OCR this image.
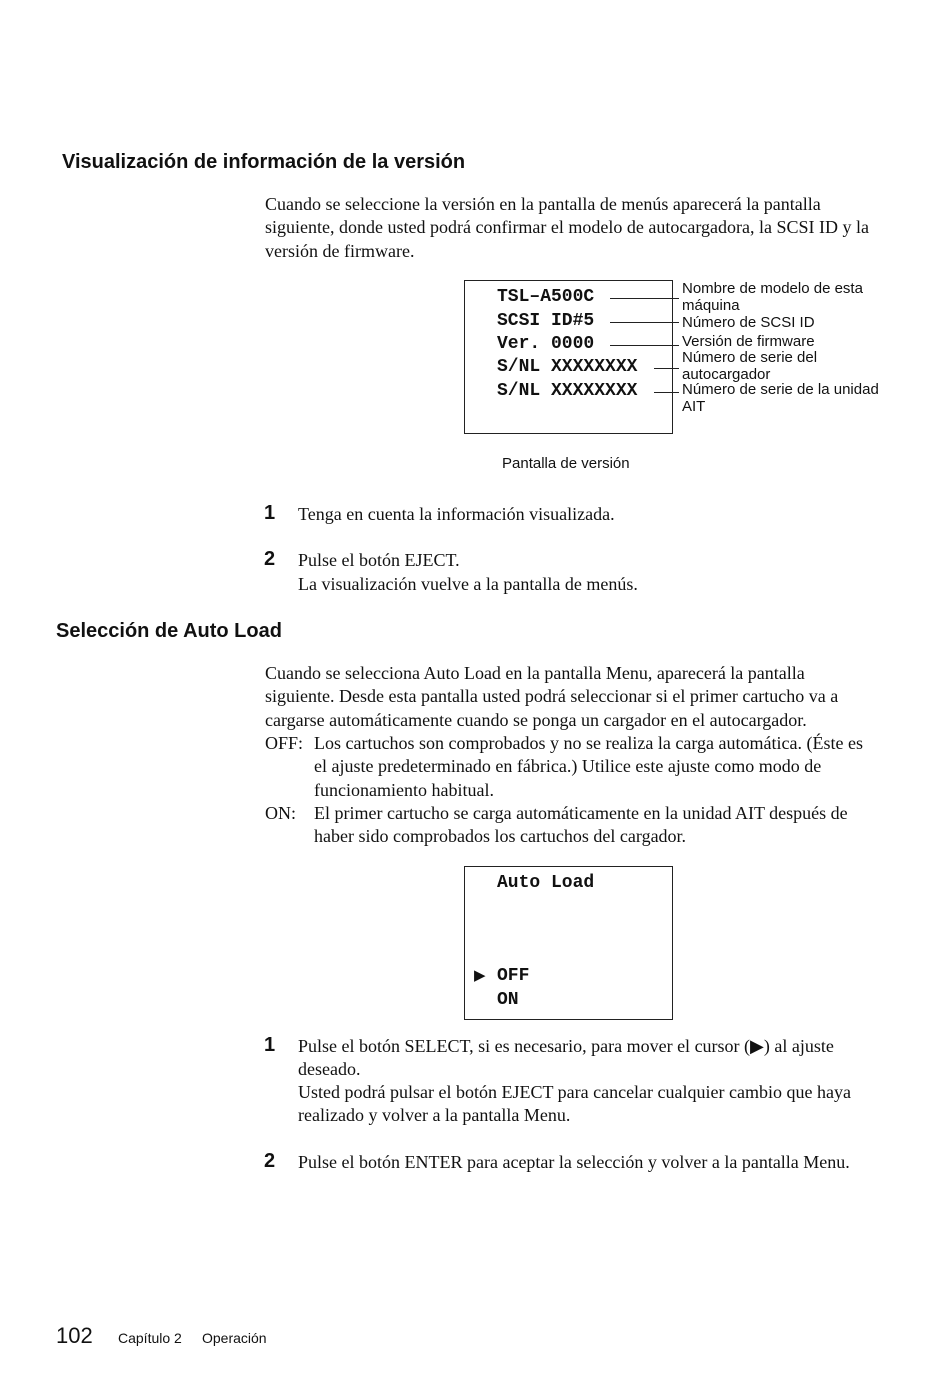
Visualización de información de la versión
Cuando se seleccione la versión en la pantalla de menús aparecerá la pantalla siguiente, donde usted podrá confirmar el modelo de autocargadora, la SCSI ID y la versión de firmware.
TSL–A500C
SCSI ID#5
Ver. 0000
S/NL XXXXXXXX
S/NL XXXXXXXX
Nombre de modelo de esta máquina
Número de SCSI ID
Versión de firmware
Número de serie del autocargador
Número de serie de la unidad AIT
Pantalla de versión
1 Tenga en cuenta la información visualizada.
2 Pulse el botón EJECT.
La visualización vuelve a la pantalla de menús.
Selección de Auto Load
Cuando se selecciona Auto Load en la pantalla Menu, aparecerá la pantalla siguiente. Desde esta pantalla usted podrá seleccionar si el primer cartucho va a cargarse automáticamente cuando se ponga un cargador en el autocargador.
OFF: Los cartuchos son comprobados y no se realiza la carga automática. (Éste es el ajuste predeterminado en fábrica.) Utilice este ajuste como modo de funcionamiento habitual.
ON: El primer cartucho se carga automáticamente en la unidad AIT después de haber sido comprobados los cartuchos del cargador.
Auto Load
▶ OFF
ON
1 Pulse el botón SELECT, si es necesario, para mover el cursor (▶) al ajuste deseado.
Usted podrá pulsar el botón EJECT para cancelar cualquier cambio que haya realizado y volver a la pantalla Menu.
2 Pulse el botón ENTER para aceptar la selección y volver a la pantalla Menu.
102 Capítulo 2 Operación
